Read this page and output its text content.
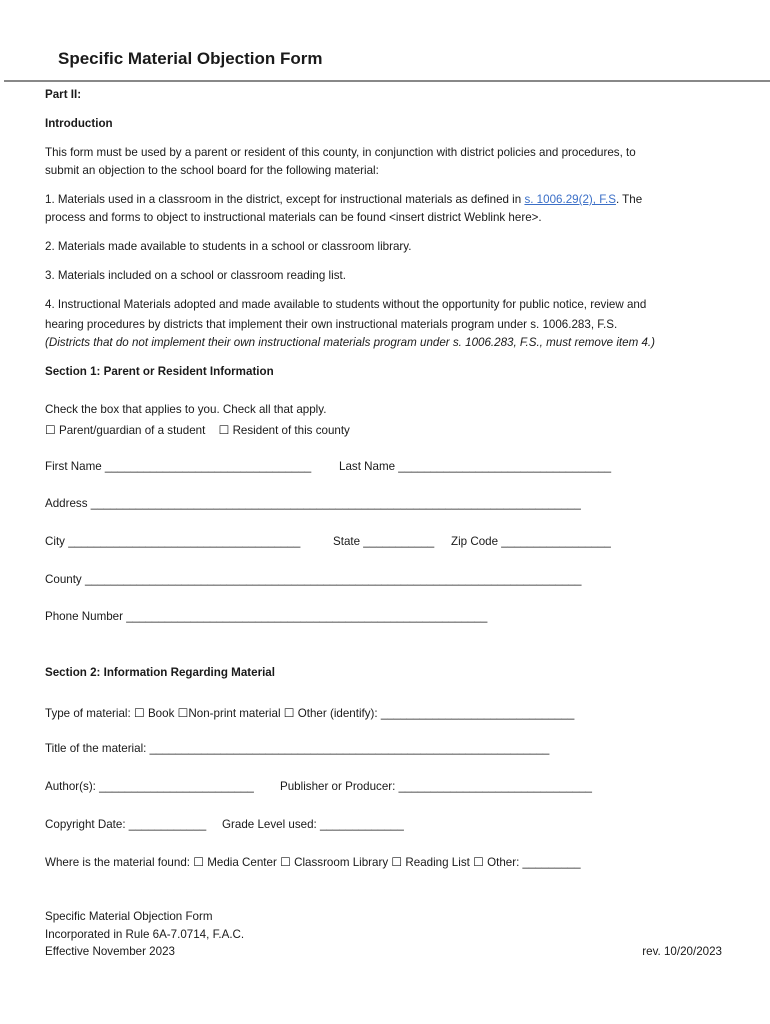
Specific Material Objection Form
Part II:
Introduction
This form must be used by a parent or resident of this county, in conjunction with district policies and procedures, to
submit an objection to the school board for the following material:
1. Materials used in a classroom in the district, except for instructional materials as defined in s. 1006.29(2), F.S. The
process and forms to object to instructional materials can be found <insert district Weblink here>.
2. Materials made available to students in a school or classroom library.
3. Materials included on a school or classroom reading list.
4. Instructional Materials adopted and made available to students without the opportunity for public notice, review and
hearing procedures by districts that implement their own instructional materials program under s. 1006.283, F.S.
(Districts that do not implement their own instructional materials program under s. 1006.283, F.S., must remove item 4.)
Section 1: Parent or Resident Information
Check the box that applies to you. Check all that apply.
☐ Parent/guardian of a student ☐ Resident of this county
First Name ________________________________ Last Name _________________________________
Address ____________________________________________________________________________
City ____________________________________	State ___________ Zip Code _________________
County _____________________________________________________________________________
Phone Number ________________________________________________________
Section 2: Information Regarding Material
Type of material: ☐ Book ☐Non-print material ☐ Other (identify): ______________________________
Title of the material: ______________________________________________________________
Author(s): ________________________ Publisher or Producer: ______________________________
Copyright Date: ____________ Grade Level used: _____________
Where is the material found: ☐ Media Center ☐ Classroom Library ☐ Reading List ☐ Other: _________
Specific Material Objection Form
Incorporated in Rule 6A-7.0714, F.A.C.
Effective November 2023	rev. 10/20/2023
